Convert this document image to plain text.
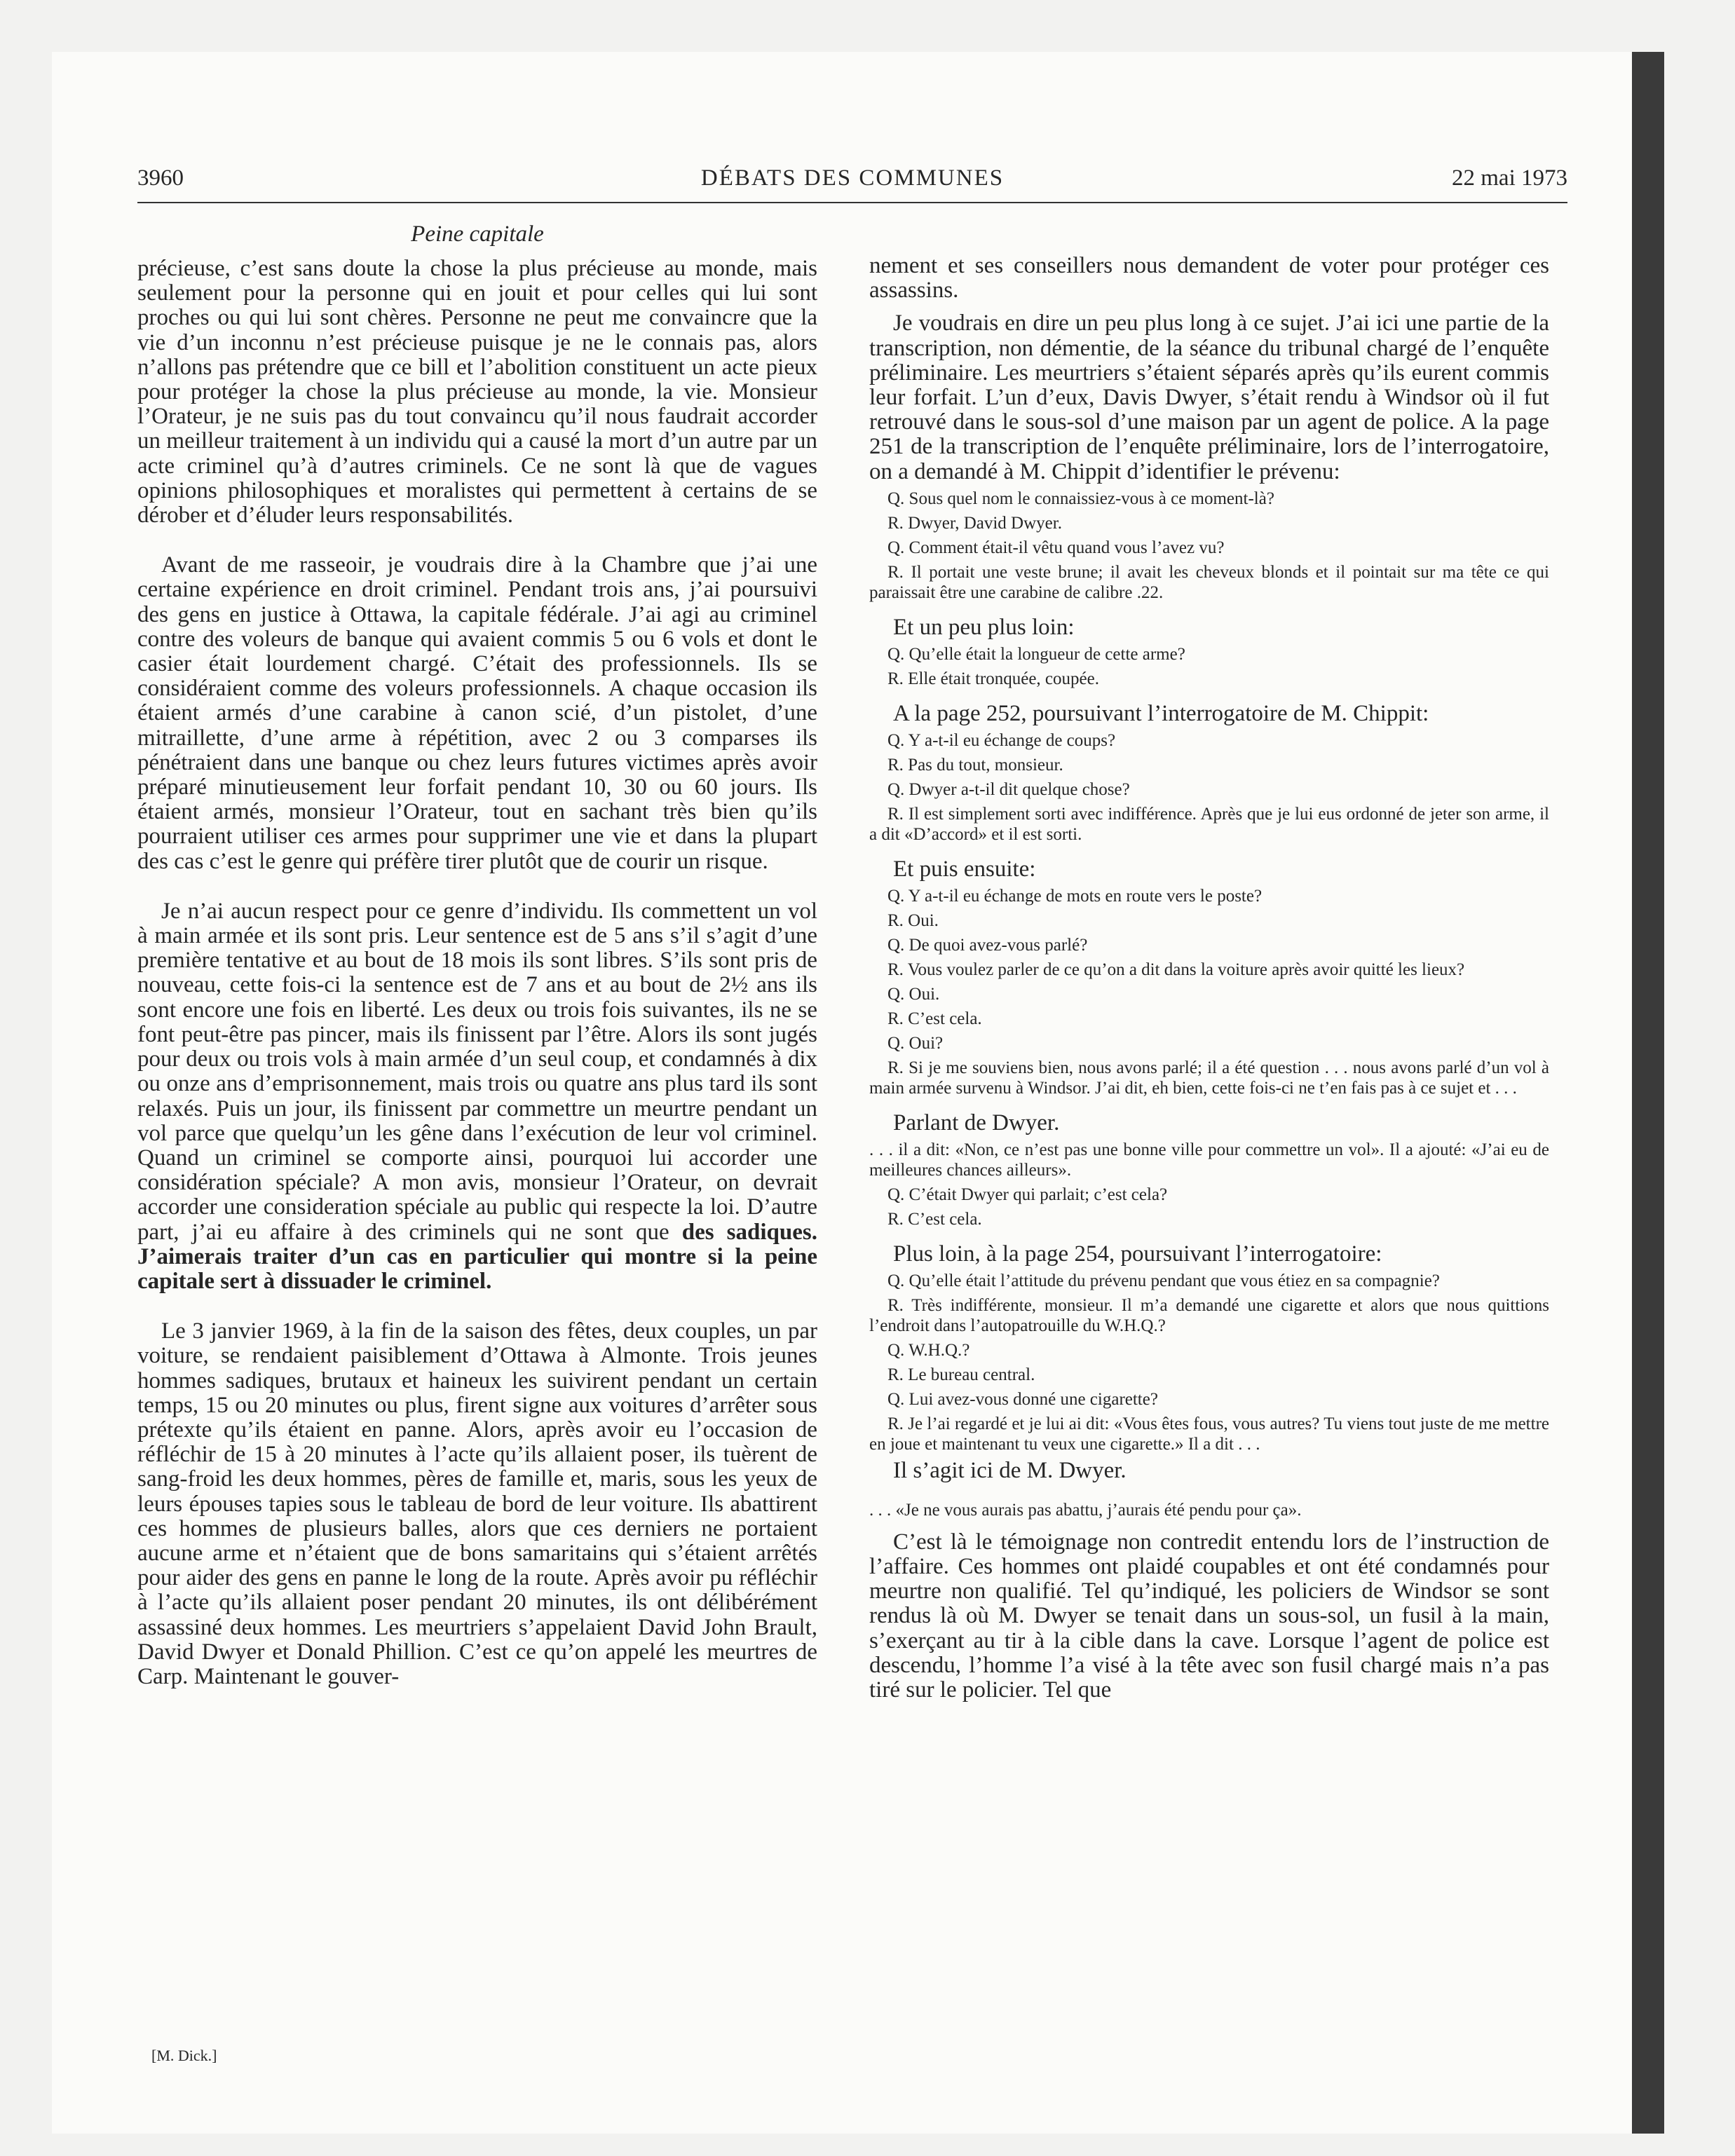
3960	DÉBATS DES COMMUNES	22 mai 1973
Peine capitale

précieuse, c’est sans doute la chose la plus précieuse au monde, mais seulement pour la personne qui en jouit et pour celles qui lui sont proches ou qui lui sont chères. Personne ne peut me convaincre que la vie d’un inconnu n’est précieuse puisque je ne le connais pas, alors n’allons pas prétendre que ce bill et l’abolition constituent un acte pieux pour protéger la chose la plus précieuse au monde, la vie. Monsieur l’Orateur, je ne suis pas du tout convaincu qu’il nous faudrait accorder un meilleur traitement à un individu qui a causé la mort d’un autre par un acte criminel qu’à d’autres criminels. Ce ne sont là que de vagues opinions philosophiques et moralistes qui permettent à certains de se dérober et d’éluder leurs responsabilités.

Avant de me rasseoir, je voudrais dire à la Chambre que j’ai une certaine expérience en droit criminel. Pendant trois ans, j’ai poursuivi des gens en justice à Ottawa, la capitale fédérale. J’ai agi au criminel contre des voleurs de banque qui avaient commis 5 ou 6 vols et dont le casier était lourdement chargé. C’était des professionnels. Ils se considéraient comme des voleurs professionnels. A chaque occasion ils étaient armés d’une carabine à canon scié, d’un pistolet, d’une mitraillette, d’une arme à répétition, avec 2 ou 3 comparses ils pénétraient dans une banque ou chez leurs futures victimes après avoir préparé minutieusement leur forfait pendant 10, 30 ou 60 jours. Ils étaient armés, monsieur l’Orateur, tout en sachant très bien qu’ils pourraient utiliser ces armes pour supprimer une vie et dans la plupart des cas c’est le genre qui préfère tirer plutôt que de courir un risque.

Je n’ai aucun respect pour ce genre d’individu. Ils commettent un vol à main armée et ils sont pris. Leur sentence est de 5 ans s’il s’agit d’une première tentative et au bout de 18 mois ils sont libres. S’ils sont pris de nouveau, cette fois-ci la sentence est de 7 ans et au bout de 2½ ans ils sont encore une fois en liberté. Les deux ou trois fois suivantes, ils ne se font peut-être pas pincer, mais ils finissent par l’être. Alors ils sont jugés pour deux ou trois vols à main armée d’un seul coup, et condamnés à dix ou onze ans d’emprisonnement, mais trois ou quatre ans plus tard ils sont relaxés. Puis un jour, ils finissent par commettre un meurtre pendant un vol parce que quelqu’un les gêne dans l’exécution de leur vol criminel. Quand un criminel se comporte ainsi, pourquoi lui accorder une considération spéciale? A mon avis, monsieur l’Orateur, on devrait accorder une consideration spéciale au public qui respecte la loi. D’autre part, j’ai eu affaire à des criminels qui ne sont que des sadiques. J’aimerais traiter d’un cas en particulier qui montre si la peine capitale sert à dissuader le criminel.

Le 3 janvier 1969, à la fin de la saison des fêtes, deux couples, un par voiture, se rendaient paisiblement d’Ottawa à Almonte. Trois jeunes hommes sadiques, brutaux et haineux les suivirent pendant un certain temps, 15 ou 20 minutes ou plus, firent signe aux voitures d’arrêter sous prétexte qu’ils étaient en panne. Alors, après avoir eu l’occasion de réfléchir de 15 à 20 minutes à l’acte qu’ils allaient poser, ils tuèrent de sang-froid les deux hommes, pères de famille et, maris, sous les yeux de leurs épouses tapies sous le tableau de bord de leur voiture. Ils abattirent ces hommes de plusieurs balles, alors que ces derniers ne portaient aucune arme et n’étaient que de bons samaritains qui s’étaient arrêtés pour aider des gens en panne le long de la route. Après avoir pu réfléchir à l’acte qu’ils allaient poser pendant 20 minutes, ils ont délibérément assassiné deux hommes. Les meurtriers s’appelaient David John Brault, David Dwyer et Donald Phillion. C’est ce qu’on appelé les meurtres de Carp. Maintenant le gouver-

nement et ses conseillers nous demandent de voter pour protéger ces assassins.

Je voudrais en dire un peu plus long à ce sujet. J’ai ici une partie de la transcription, non démentie, de la séance du tribunal chargé de l’enquête préliminaire. Les meurtriers s’étaient séparés après qu’ils eurent commis leur forfait. L’un d’eux, Davis Dwyer, s’était rendu à Windsor où il fut retrouvé dans le sous-sol d’une maison par un agent de police. A la page 251 de la transcription de l’enquête préliminaire, lors de l’interrogatoire, on a demandé à M. Chippit d’identifier le prévenu:

Q. Sous quel nom le connaissiez-vous à ce moment-là?

R. Dwyer, David Dwyer.

Q. Comment était-il vêtu quand vous l’avez vu?

R. Il portait une veste brune; il avait les cheveux blonds et il pointait sur ma tête ce qui paraissait être une carabine de calibre .22.

Et un peu plus loin:

Q. Qu’elle était la longueur de cette arme?

R. Elle était tronquée, coupée.

A la page 252, poursuivant l’interrogatoire de M. Chippit:

Q. Y a-t-il eu échange de coups?

R. Pas du tout, monsieur.

Q. Dwyer a-t-il dit quelque chose?

R. Il est simplement sorti avec indifférence. Après que je lui eus ordonné de jeter son arme, il a dit «D’accord» et il est sorti.

Et puis ensuite:

Q. Y a-t-il eu échange de mots en route vers le poste?

R. Oui.

Q. De quoi avez-vous parlé?

R. Vous voulez parler de ce qu’on a dit dans la voiture après avoir quitté les lieux?

Q. Oui.

R. C’est cela.

Q. Oui?

R. Si je me souviens bien, nous avons parlé; il a été question . . . nous avons parlé d’un vol à main armée survenu à Windsor. J’ai dit, eh bien, cette fois-ci ne t’en fais pas à ce sujet et . . .

Parlant de Dwyer.

. . . il a dit: «Non, ce n’est pas une bonne ville pour commettre un vol». Il a ajouté: «J’ai eu de meilleures chances ailleurs».

Q. C’était Dwyer qui parlait; c’est cela?

R. C’est cela.

Plus loin, à la page 254, poursuivant l’interrogatoire:

Q. Qu’elle était l’attitude du prévenu pendant que vous étiez en sa compagnie?

R. Très indifférente, monsieur. Il m’a demandé une cigarette et alors que nous quittions l’endroit dans l’autopatrouille du W.H.Q.?

Q. W.H.Q.?

R. Le bureau central.

Q. Lui avez-vous donné une cigarette?

R. Je l’ai regardé et je lui ai dit: «Vous êtes fous, vous autres? Tu viens tout juste de me mettre en joue et maintenant tu veux une cigarette.» Il a dit . . .

Il s’agit ici de M. Dwyer.

. . . «Je ne vous aurais pas abattu, j’aurais été pendu pour ça».

C’est là le témoignage non contredit entendu lors de l’instruction de l’affaire. Ces hommes ont plaidé coupables et ont été condamnés pour meurtre non qualifié. Tel qu’indiqué, les policiers de Windsor se sont rendus là où M. Dwyer se tenait dans un sous-sol, un fusil à la main, s’exerçant au tir à la cible dans la cave. Lorsque l’agent de police est descendu, l’homme l’a visé à la tête avec son fusil chargé mais n’a pas tiré sur le policier. Tel que

[M. Dick.]
